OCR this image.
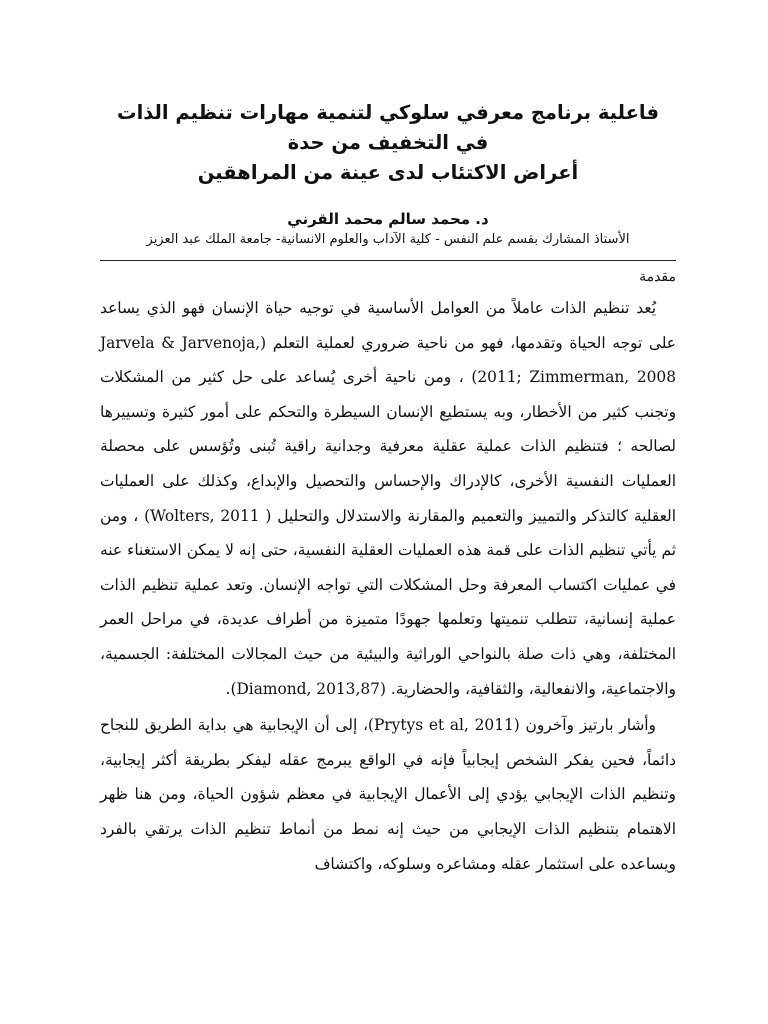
فاعلية برنامج معرفي سلوكي لتنمية مهارات تنظيم الذات في التخفيف من حدة
أعراض الاكتئاب لدى عينة من المراهقين

د. محمد سالم محمد القرني

الأستاذ المشارك بقسم علم النفس - كلية الآداب والعلوم الانسانية- جامعة الملك عبد العزيز

مقدمة

يُعد تنظيم الذات عاملاً من العوامل الأساسية في توجيه حياة الإنسان فهو الذي يساعد على توجه الحياة وتقدمها، فهو من ناحية ضروري لعملية التعلم (Jarvela & Jarvenoja, 2011; Zimmerman, 2008) ، ومن ناحية أخرى يُساعد على حل كثير من المشكلات وتجنب كثير من الأخطار، وبه يستطيع الإنسان السيطرة والتحكم على أمور كثيرة وتسييرها لصالحه ؛ فتنظيم الذات عملية عقلية معرفية وجدانية راقية تُبنى وتُؤسس على محصلة العمليات النفسية الأخرى، كالإدراك والإحساس والتحصيل والإبداع، وكذلك على العمليات العقلية كالتذكر والتمييز والتعميم والمقارنة والاستدلال والتحليل ( Wolters, 2011) ، ومن ثم يأتي تنظيم الذات على قمة هذه العمليات العقلية النفسية، حتى إنه لا يمكن الاستغناء عنه في عمليات اكتساب المعرفة وحل المشكلات التي تواجه الإنسان. وتعد عملية تنظيم الذات عملية إنسانية، تتطلب تنميتها وتعلمها جهودًا متميزة من أطراف عديدة، في مراحل العمر المختلفة، وهي ذات صلة بالنواحي الوراثية والبيئية من حيث المجالات المختلفة: الجسمية، والاجتماعية، والانفعالية، والثقافية، والحضارية. (Diamond, 2013,87).

وأشار بارتيز وآخرون (Prytys et al, 2011)، إلى أن الإيجابية هي بداية الطريق للنجاح دائماً، فحين يفكر الشخص إيجابياً فإنه في الواقع يبرمج عقله ليفكر بطريقة أكثر إيجابية، وتنظيم الذات الإيجابي يؤدي إلى الأعمال الإيجابية في معظم شؤون الحياة، ومن هنا ظهر الاهتمام بتنظيم الذات الإيجابي من حيث إنه نمط من أنماط تنظيم الذات يرتقي بالفرد ويساعده على استثمار عقله ومشاعره وسلوكه، واكتشاف
